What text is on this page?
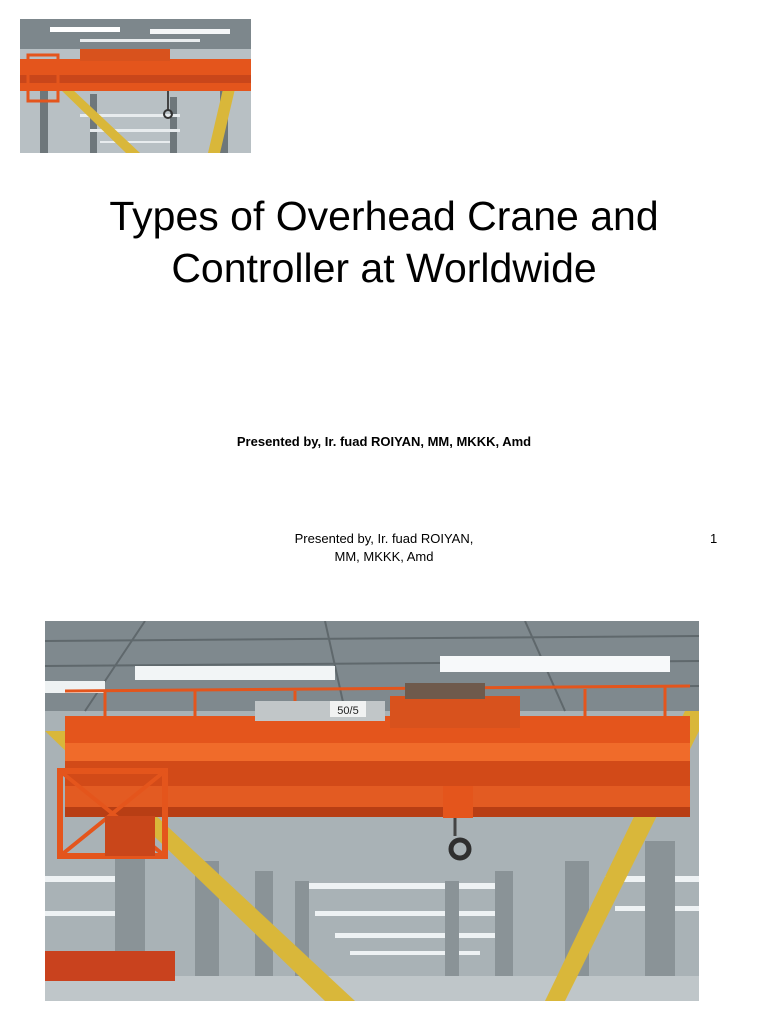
Types of Overhead Crane and
Controller at Worldwide
Presented by, Ir. fuad ROIYAN, MM, MKKK, Amd
Presented by, Ir. fuad ROIYAN,
MM, MKKK, Amd
1
50/5
